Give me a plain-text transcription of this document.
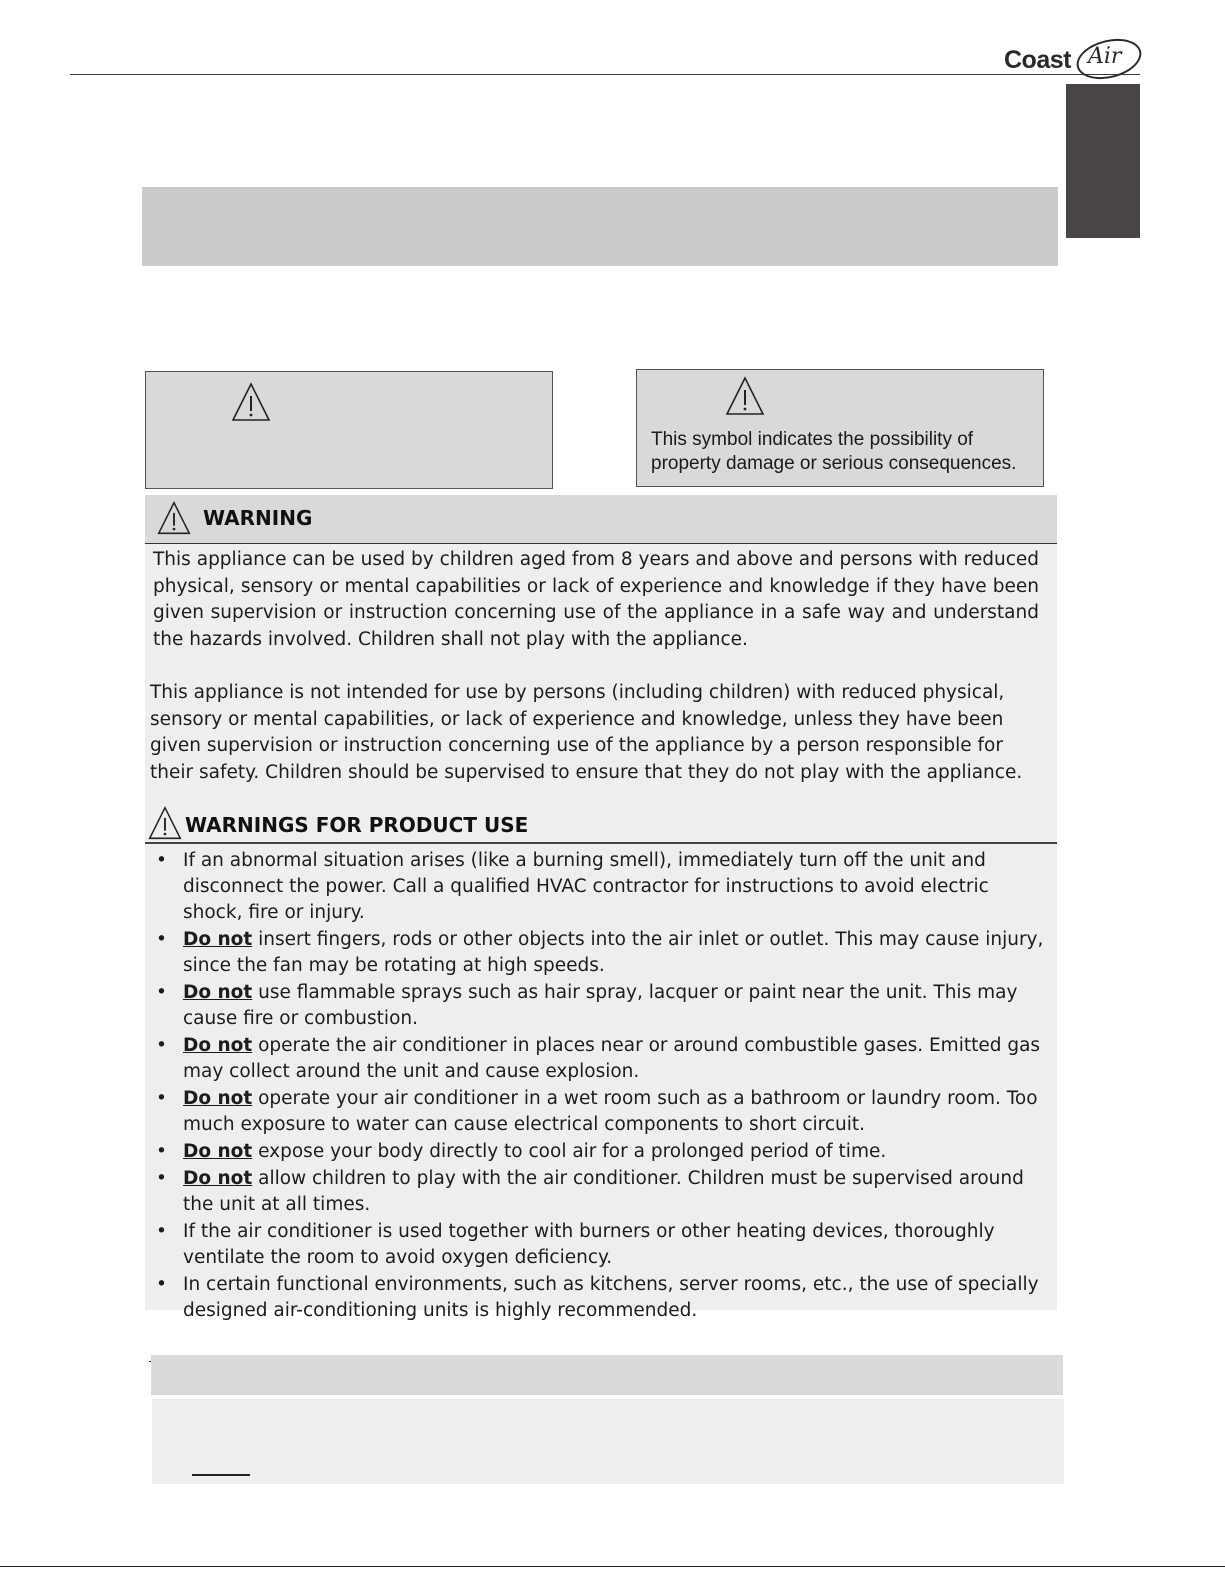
Coast Air
This symbol indicates the possibility of
property damage or serious consequences.
WARNING
This appliance can be used by children aged from 8 years and above and persons with reduced physical, sensory or mental capabilities or lack of experience and knowledge if they have been given supervision or instruction concerning use of the appliance in a safe way and understand the hazards involved. Children shall not play with the appliance.
This appliance is not intended for use by persons (including children) with reduced physical, sensory or mental capabilities, or lack of experience and knowledge, unless they have been given supervision or instruction concerning use of the appliance by a person responsible for their safety. Children should be supervised to ensure that they do not play with the appliance.
WARNINGS FOR PRODUCT USE
• If an abnormal situation arises (like a burning smell), immediately turn off the unit and disconnect the power. Call a qualified HVAC contractor for instructions to avoid electric shock, fire or injury.
• Do not insert fingers, rods or other objects into the air inlet or outlet. This may cause injury, since the fan may be rotating at high speeds.
• Do not use flammable sprays such as hair spray, lacquer or paint near the unit. This may cause fire or combustion.
• Do not operate the air conditioner in places near or around combustible gases. Emitted gas may collect around the unit and cause explosion.
• Do not operate your air conditioner in a wet room such as a bathroom or laundry room. Too much exposure to water can cause electrical components to short circuit.
• Do not expose your body directly to cool air for a prolonged period of time.
• Do not allow children to play with the air conditioner. Children must be supervised around the unit at all times.
• If the air conditioner is used together with burners or other heating devices, thoroughly ventilate the room to avoid oxygen deficiency.
• In certain functional environments, such as kitchens, server rooms, etc., the use of specially designed air-conditioning units is highly recommended.
